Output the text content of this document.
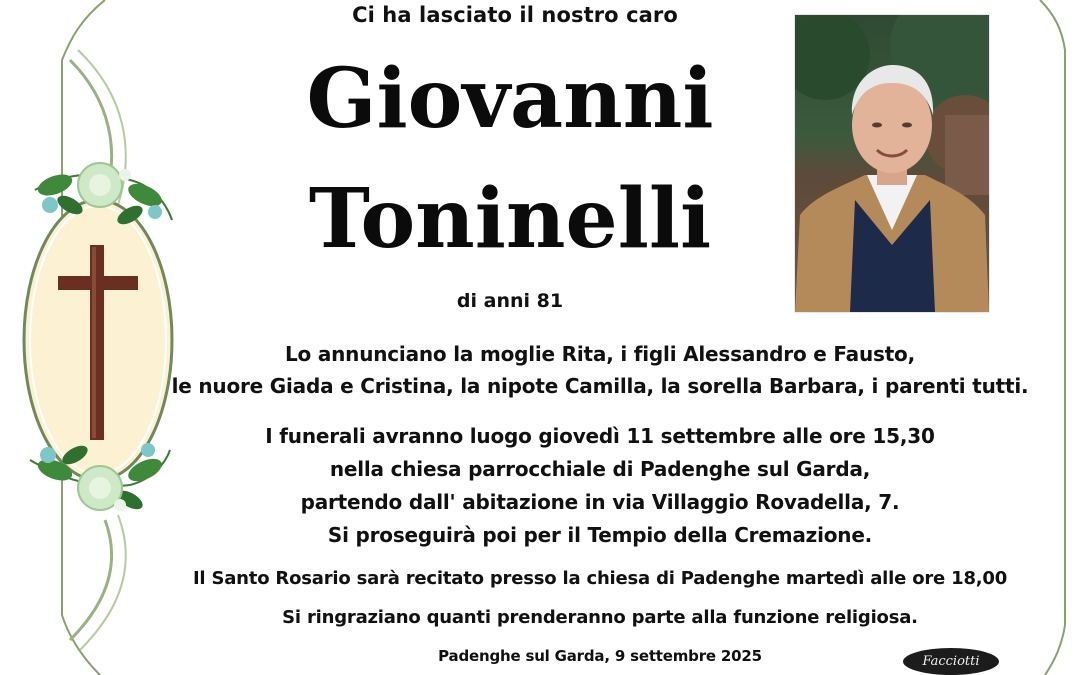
Ci ha lasciato il nostro caro
Giovanni
Toninelli
di anni 81
Lo annunciano la moglie Rita, i figli Alessandro e Fausto,
le nuore Giada e Cristina, la nipote Camilla, la sorella Barbara, i parenti tutti.
I funerali avranno luogo giovedì 11 settembre alle ore 15,30
nella chiesa parrocchiale di Padenghe sul Garda,
partendo dall' abitazione in via Villaggio Rovadella, 7.
Si proseguirà poi per il Tempio della Cremazione.
Il Santo Rosario sarà recitato presso la chiesa di Padenghe martedì alle ore 18,00
Si ringraziano quanti prenderanno parte alla funzione religiosa.
Padenghe sul Garda, 9 settembre 2025	Facciotti
